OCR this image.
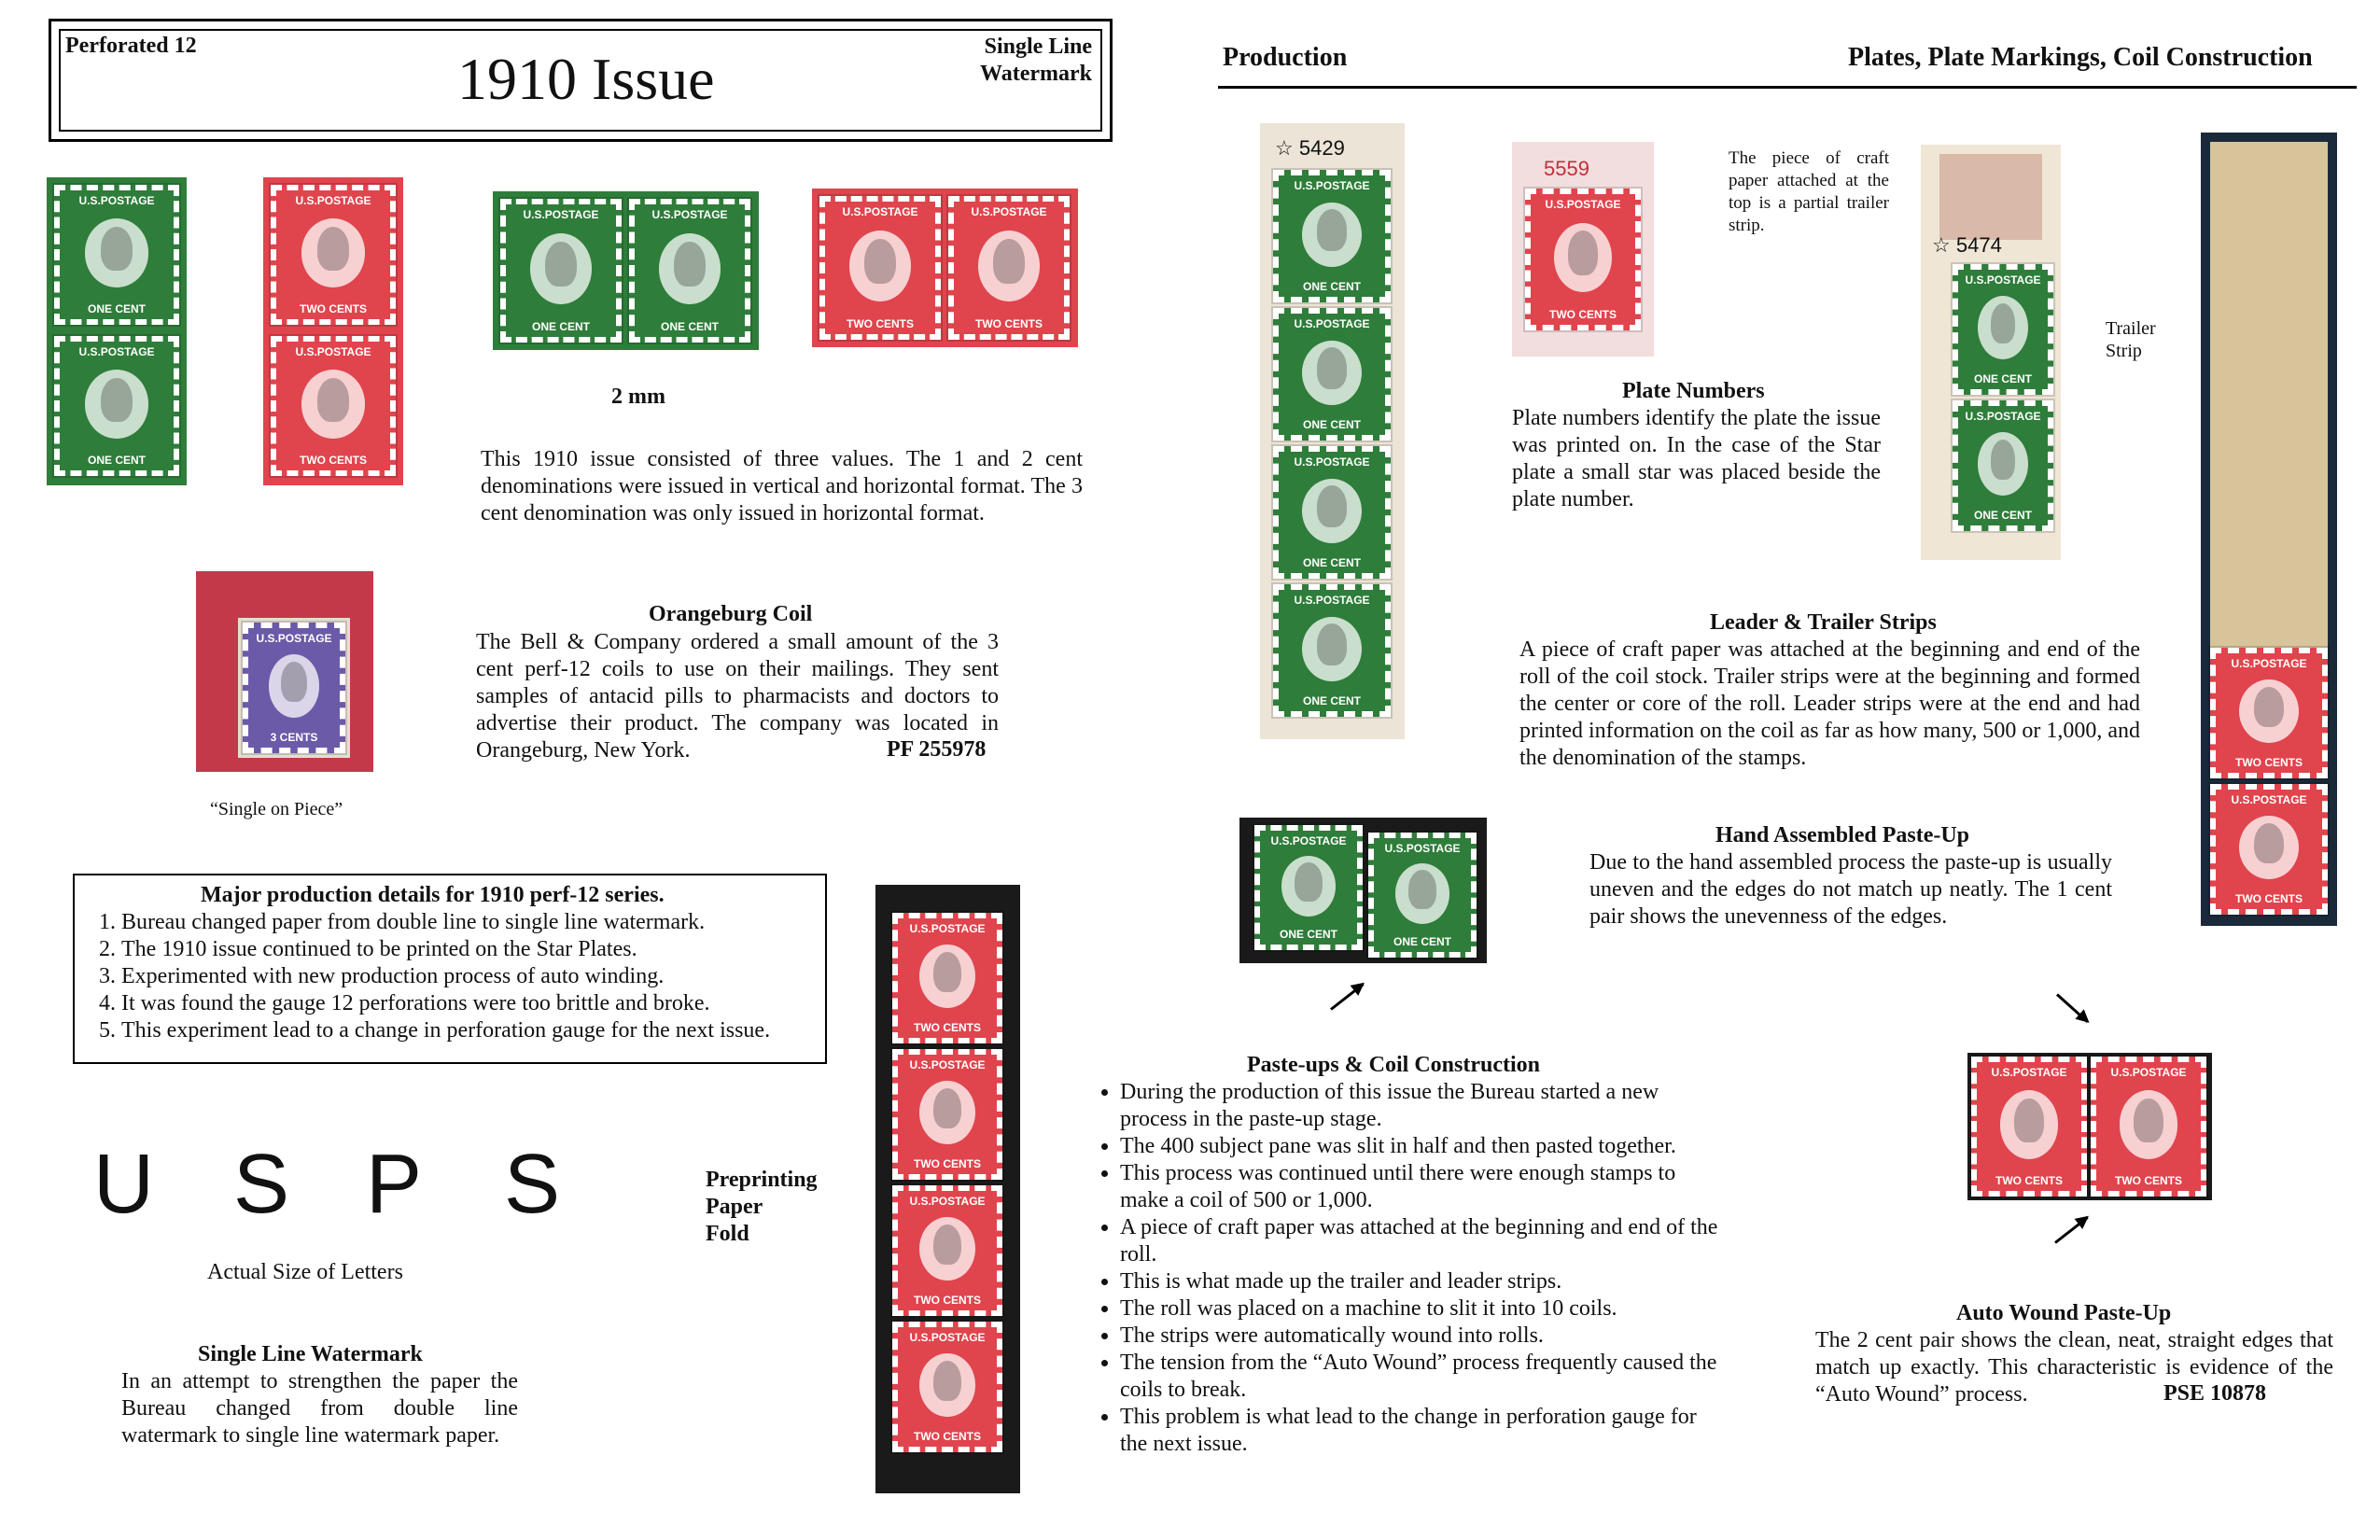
Perforated 12	1910 Issue	Single Line
Watermark
U.S.POSTAGE
ONE CENT
U.S.POSTAGE
ONE CENT
U.S.POSTAGE
TWO CENTS
U.S.POSTAGE
TWO CENTS
U.S.POSTAGE
ONE CENT
U.S.POSTAGE
ONE CENT
U.S.POSTAGE
TWO CENTS
U.S.POSTAGE
TWO CENTS
2 mm
This 1910 issue consisted of three values. The 1 and 2 cent denominations were issued in vertical and horizontal format. The 3 cent denomination was only issued in horizontal format.
U.S.POSTAGE
3 CENTS
“Single on Piece”
Orangeburg Coil
The Bell & Company ordered a small amount of the 3 cent perf-12 coils to use on their mailings. They sent samples of antacid pills to pharmacists and doctors to advertise their product. The company was located in Orangeburg, New York.	PF 255978
Major production details for 1910 perf-12 series.
1. Bureau changed paper from double line to single line watermark.
2. The 1910 issue continued to be printed on the Star Plates.
3. Experimented with new production process of auto winding.
4. It was found the gauge 12 perforations were too brittle and broke.
5. This experiment lead to a change in perforation gauge for the next issue.
U S P S
Actual Size of Letters
Single Line Watermark
In an attempt to strengthen the paper the Bureau changed from double line watermark to single line watermark paper.
Preprinting
Paper
Fold
U.S.POSTAGE
TWO CENTS
U.S.POSTAGE
TWO CENTS
U.S.POSTAGE
TWO CENTS
U.S.POSTAGE
TWO CENTS
Production	Plates, Plate Markings, Coil Construction
☆ 5429
U.S.POSTAGE
ONE CENT
U.S.POSTAGE
ONE CENT
U.S.POSTAGE
ONE CENT
U.S.POSTAGE
ONE CENT
5559
U.S.POSTAGE
TWO CENTS
The piece of craft paper attached at the top is a partial trailer strip.
☆ 5474
U.S.POSTAGE
ONE CENT
U.S.POSTAGE
ONE CENT
Trailer
Strip
U.S.POSTAGE
TWO CENTS
U.S.POSTAGE
TWO CENTS
Plate Numbers
Plate numbers identify the plate the issue was printed on. In the case of the Star plate a small star was placed beside the plate number.
Leader & Trailer Strips
A piece of craft paper was attached at the beginning and end of the roll of the coil stock. Trailer strips were at the beginning and formed the center or core of the roll. Leader strips were at the end and had printed information on the coil as far as how many, 500 or 1,000, and the denomination of the stamps.
U.S.POSTAGE
ONE CENT
U.S.POSTAGE
ONE CENT
Hand Assembled Paste-Up
Due to the hand assembled process the paste-up is usually uneven and the edges do not match up neatly. The 1 cent pair shows the unevenness of the edges.
Paste-ups & Coil Construction
• During the production of this issue the Bureau started a new process in the paste-up stage.
• The 400 subject pane was slit in half and then pasted together.
• This process was continued until there were enough stamps to make a coil of 500 or 1,000.
• A piece of craft paper was attached at the beginning and end of the roll.
• This is what made up the trailer and leader strips.
• The roll was placed on a machine to slit it into 10 coils.
• The strips were automatically wound into rolls.
• The tension from the “Auto Wound” process frequently caused the coils to break.
• This problem is what lead to the change in perforation gauge for the next issue.
U.S.POSTAGE
TWO CENTS
U.S.POSTAGE
TWO CENTS
Auto Wound Paste-Up
The 2 cent pair shows the clean, neat, straight edges that match up exactly. This characteristic is evidence of the “Auto Wound” process.	PSE 10878
